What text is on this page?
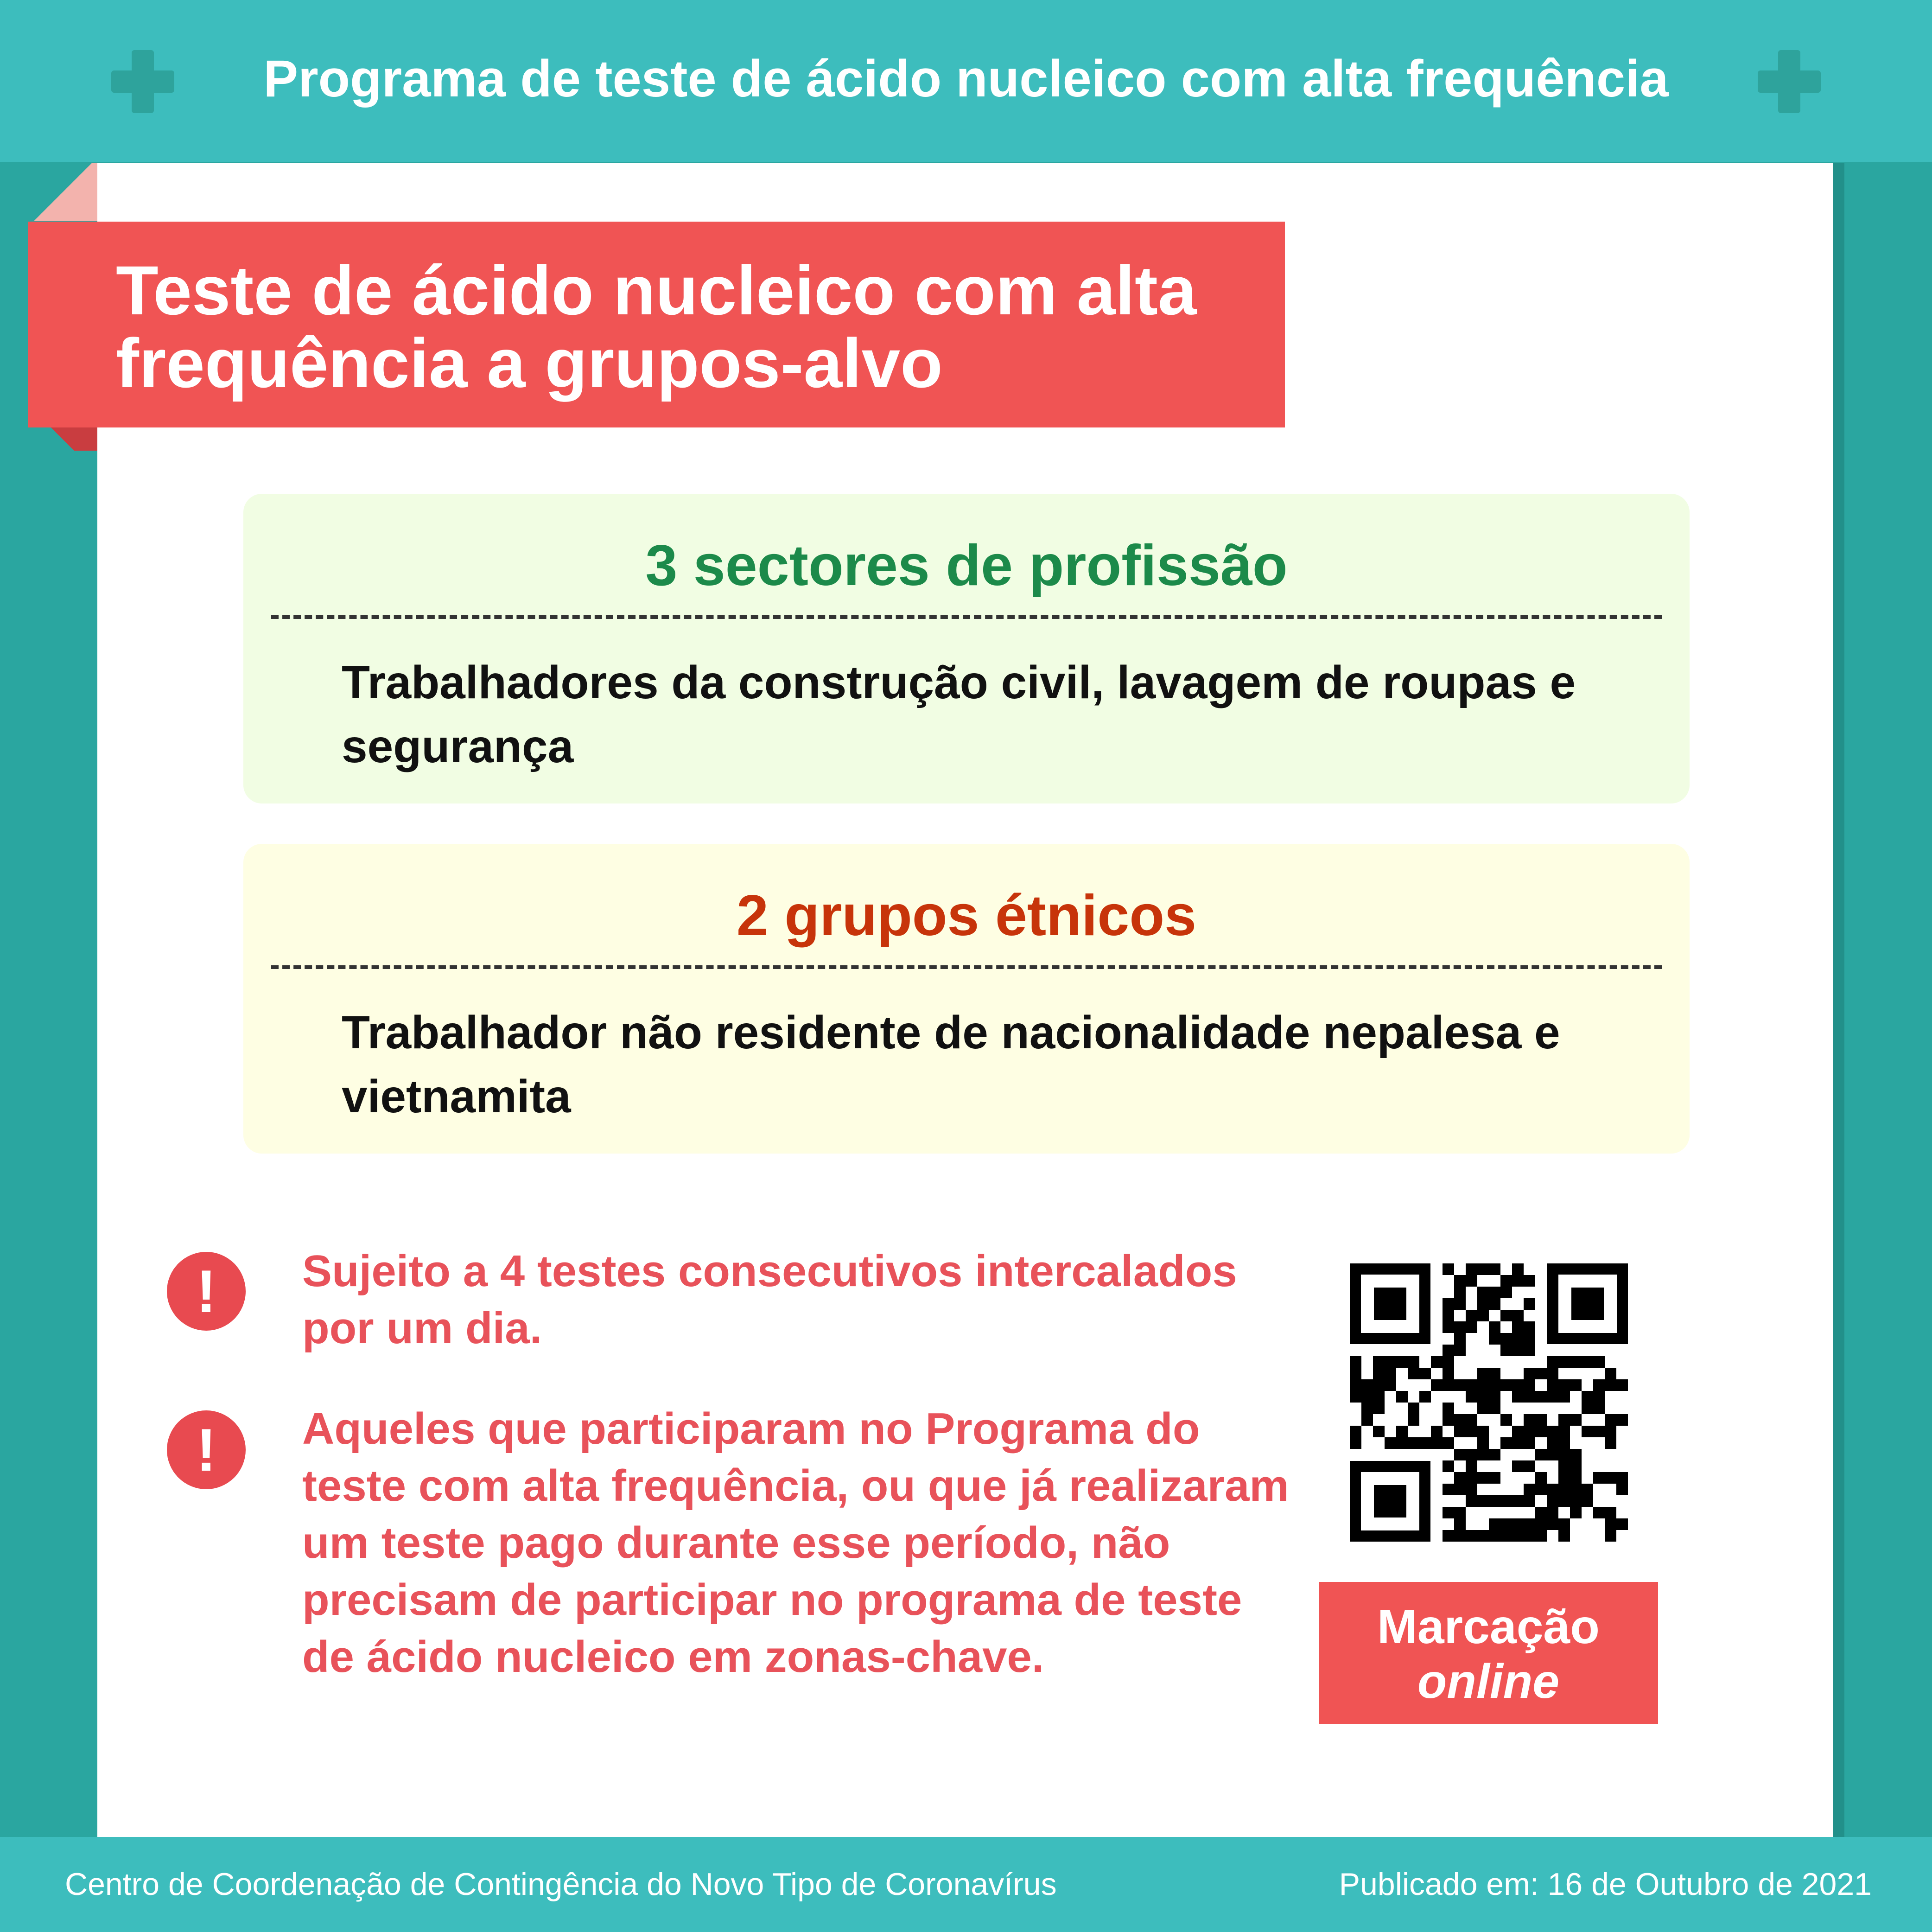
Programa de teste de ácido nucleico com alta frequência
Teste de ácido nucleico com alta frequência a grupos-alvo
3 sectores de profissão
Trabalhadores da construção civil, lavagem de roupas e segurança
2 grupos étnicos
Trabalhador não residente de nacionalidade nepalesa e vietnamita
!	Sujeito a 4 testes consecutivos intercalados por um dia.
!	Aqueles que participaram no Programa do teste com alta frequência, ou que já realizaram um teste pago durante esse período, não precisam de participar no programa de teste de ácido nucleico em zonas-chave.
Marcação
online
Centro de Coordenação de Contingência do Novo Tipo de Coronavírus	Publicado em: 16 de Outubro de 2021
